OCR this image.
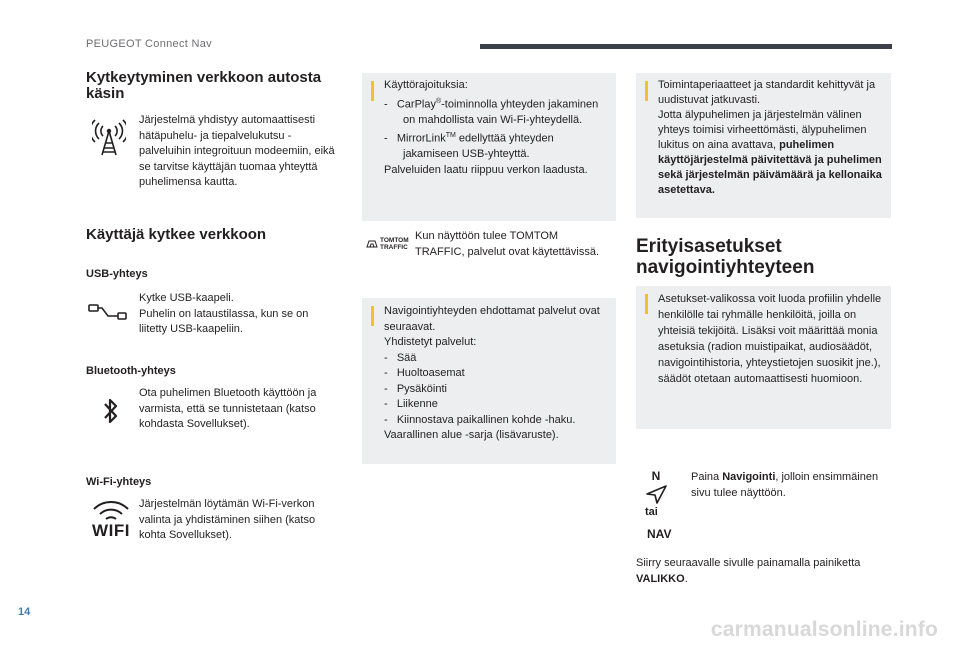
PEUGEOT Connect Nav
Kytkeytyminen verkkoon autosta käsin
Järjestelmä yhdistyy automaattisesti hätäpuhelu- ja tiepalvelukutsu -palveluihin integroituun modeemiin, eikä se tarvitse käyttäjän tuomaa yhteyttä puhelimensa kautta.
Käyttäjä kytkee verkkoon
USB-yhteys
Kytke USB-kaapeli.
Puhelin on lataustilassa, kun se on liitetty USB-kaapeliin.
Bluetooth-yhteys
Ota puhelimen Bluetooth käyttöön ja varmista, että se tunnistetaan (katso kohdasta Sovellukset).
Wi-Fi-yhteys
WIFI
Järjestelmän löytämän Wi-Fi-verkon valinta ja yhdistäminen siihen (katso kohta Sovellukset).
Käyttörajoituksia:
-   CarPlay®-toiminnolla yhteyden jakaminen on mahdollista vain Wi-Fi-yhteydellä.
-   MirrorLink™ edellyttää yhteyden jakamiseen USB-yhteyttä.
Palveluiden laatu riippuu verkon laadusta.
TOMTOM
TRAFFIC
Kun näyttöön tulee TOMTOM TRAFFIC, palvelut ovat käytettävissä.
Navigointiyhteyden ehdottamat palvelut ovat seuraavat.
Yhdistetyt palvelut:
-   Sää
-   Huoltoasemat
-   Pysäköinti
-   Liikenne
-   Kiinnostava paikallinen kohde -haku.
Vaarallinen alue -sarja (lisävaruste).
Toimintaperiaatteet ja standardit kehittyvät ja uudistuvat jatkuvasti.
Jotta älypuhelimen ja järjestelmän välinen yhteys toimisi virheettömästi, älypuhelimen lukitus on aina avattava, puhelimen käyttöjärjestelmä päivitettävä ja puhelimen sekä järjestelmän päivämäärä ja kellonaika asetettava.
Erityisasetukset navigointiyhteyteen
Asetukset-valikossa voit luoda profiilin yhdelle henkilölle tai ryhmälle henkilöitä, joilla on yhteisiä tekijöitä. Lisäksi voit määrittää monia asetuksia (radion muistipaikat, audiosäädöt, navigointihistoria, yhteystietojen suosikit jne.), säädöt otetaan automaattisesti huomioon.
N
tai
NAV
Paina Navigointi, jolloin ensimmäinen sivu tulee näyttöön.
Siirry seuraavalle sivulle painamalla painiketta VALIKKO.
14
carmanualsonline.info
